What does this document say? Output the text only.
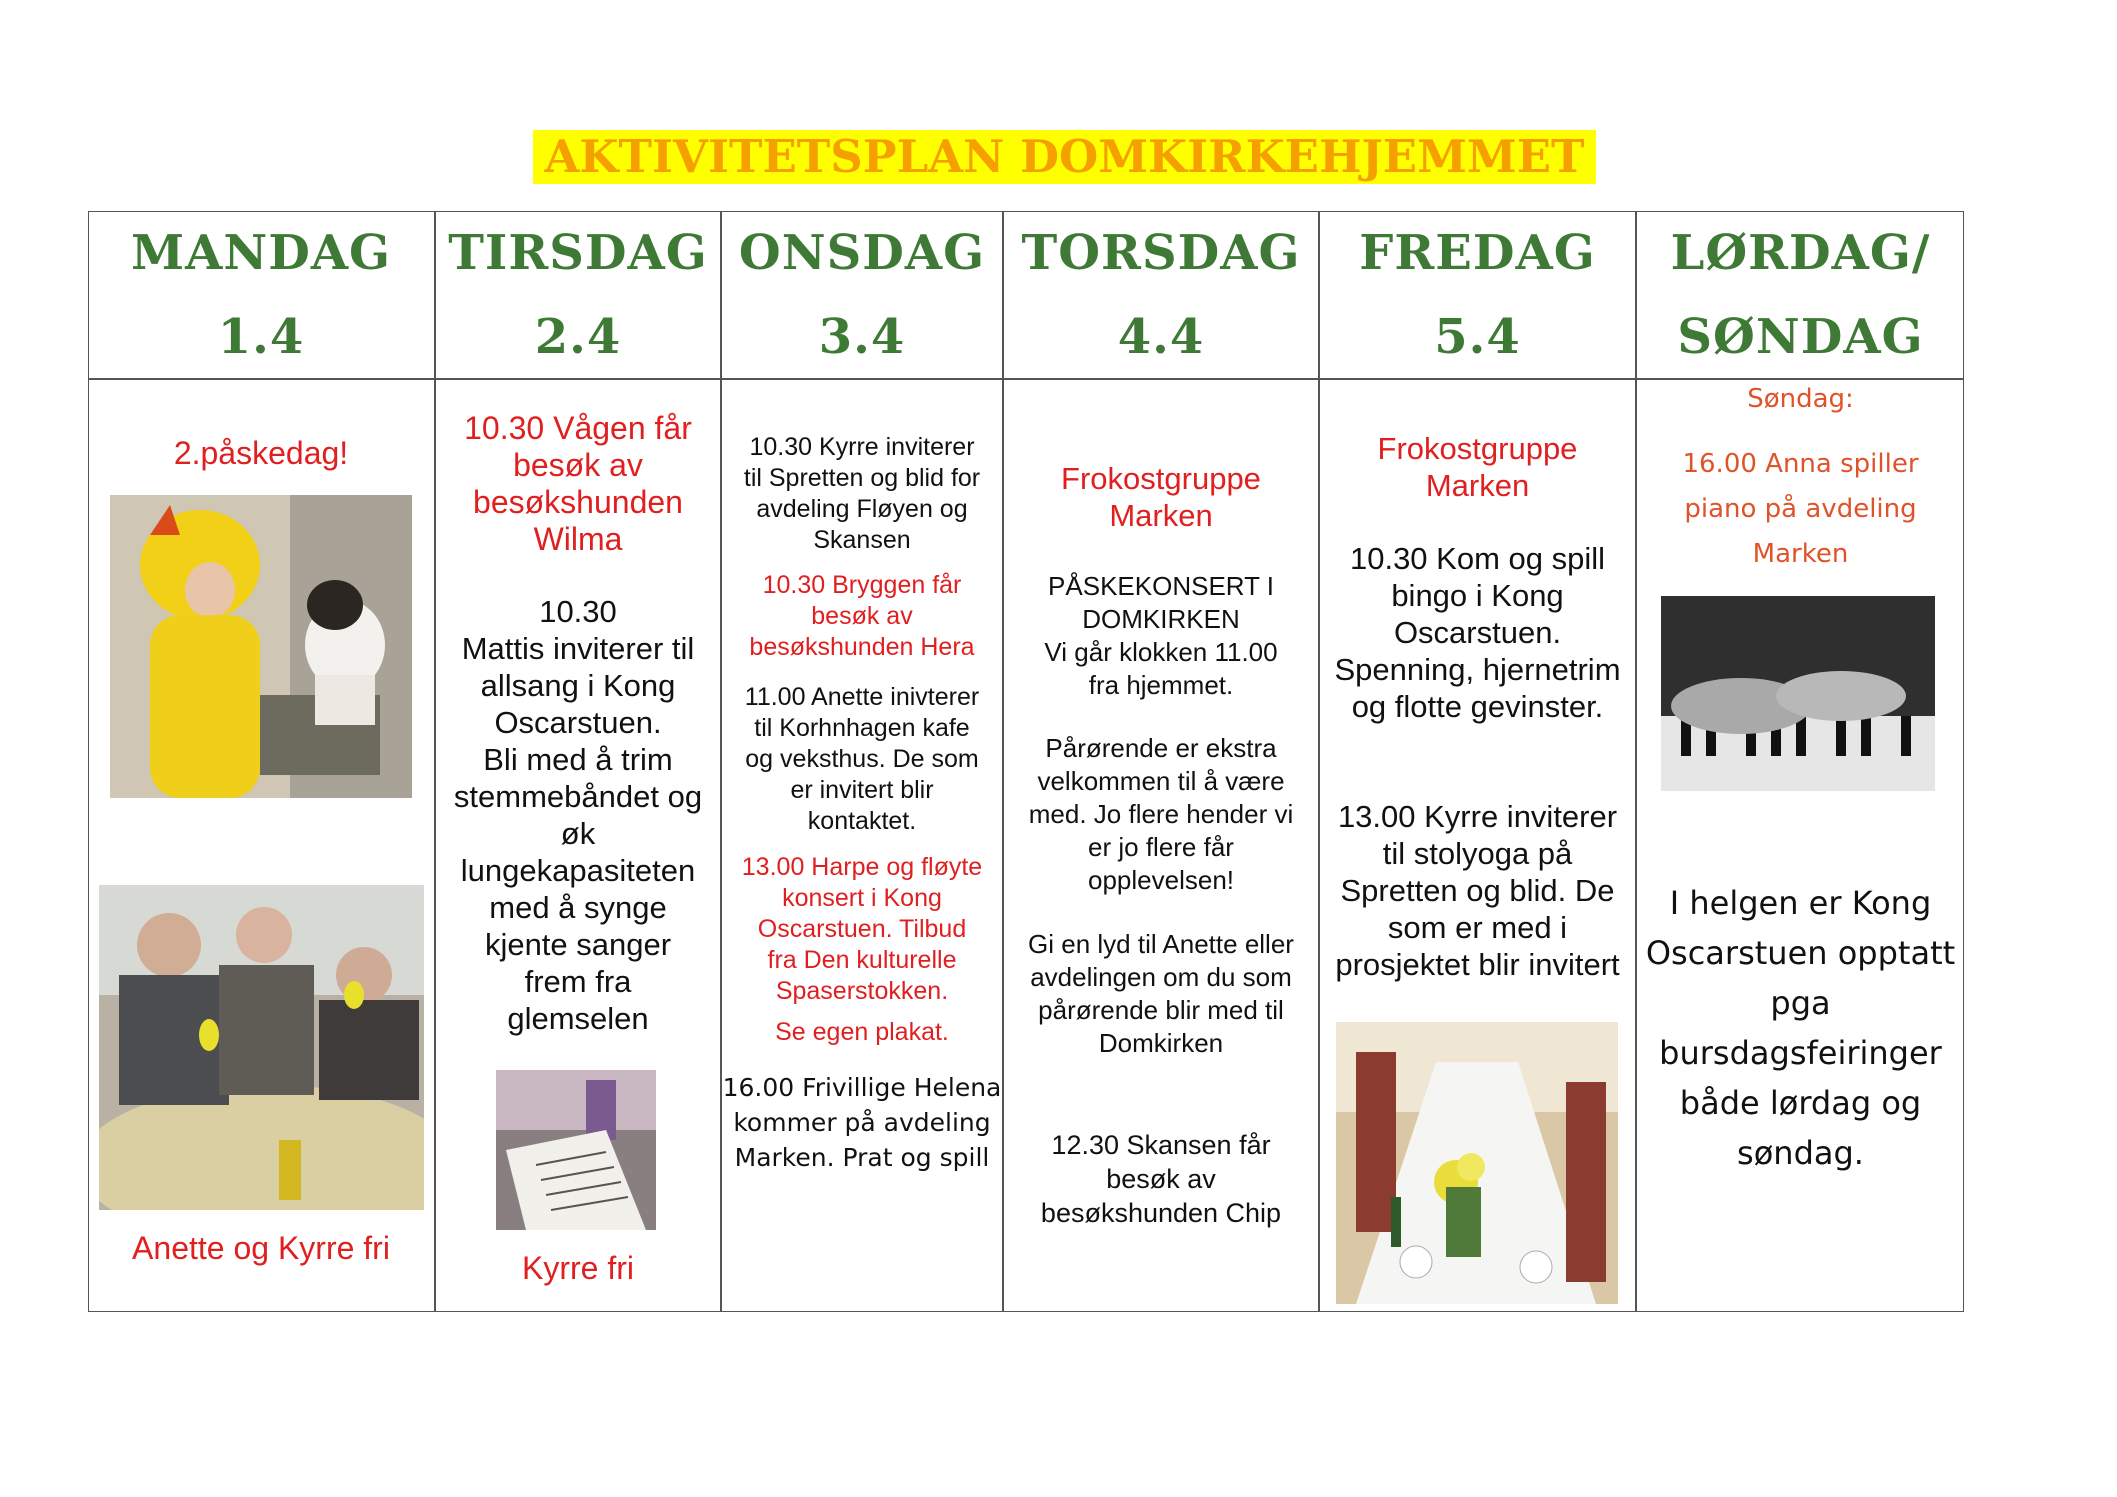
AKTIVITETSPLAN DOMKIRKEHJEMMET
MANDAG
1.4
TIRSDAG
2.4
ONSDAG
3.4
TORSDAG
4.4
FREDAG
5.4
LØRDAG/
SØNDAG

2.påskedag!

Anette og Kyrre fri

10.30 Vågen får
besøk av
besøkshunden
Wilma
10.30
Mattis inviterer til
allsang i Kong
Oscarstuen.
Bli med å trim
stemmebåndet og
øk
lungekapasiteten
med å synge
kjente sanger
frem fra
glemselen

Kyrre fri

10.30 Kyrre inviterer
til Spretten og blid for
avdeling Fløyen og
Skansen
10.30 Bryggen får
besøk av
besøkshunden Hera
11.00 Anette inivterer
til Korhnhagen kafe
og veksthus. De som
er invitert blir
kontaktet.
13.00 Harpe og fløyte
konsert i Kong
Oscarstuen. Tilbud
fra Den kulturelle
Spaserstokken.
Se egen plakat.
16.00 Frivillige Helena
kommer på avdeling
Marken. Prat og spill
Frokostgruppe
Marken
PÅSKEKONSERT I
DOMKIRKEN
Vi går klokken 11.00
fra hjemmet.
Pårørende er ekstra
velkommen til å være
med. Jo flere hender vi
er jo flere får
opplevelsen!
Gi en lyd til Anette eller
avdelingen om du som
pårørende blir med til
Domkirken
12.30 Skansen får
besøk av
besøkshunden Chip
Frokostgruppe
Marken
10.30 Kom og spill
bingo i Kong
Oscarstuen.
Spenning, hjernetrim
og flotte gevinster.
13.00 Kyrre inviterer
til stolyoga på
Spretten og blid. De
som er med i
prosjektet blir invitert

Søndag:

16.00 Anna spiller
piano på avdeling
Marken
I helgen er Kong
Oscarstuen opptatt
pga
bursdagsfeiringer
både lørdag og
søndag.
